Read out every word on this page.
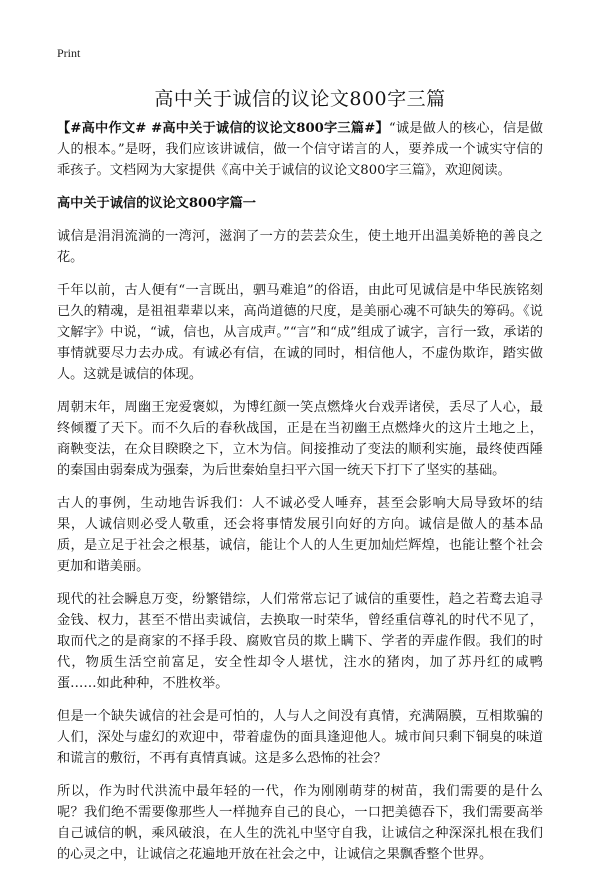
Print
高中关于诚信的议论文800字三篇

【#高中作文# #高中关于诚信的议论文800字三篇#】“诚是做人的核心，信是做人的根本。”是呀，我们应该讲诚信，做一个信守诺言的人，要养成一个诚实守信的乖孩子。文档网为大家提供《高中关于诚信的议论文800字三篇》，欢迎阅读。

高中关于诚信的议论文800字篇一

诚信是涓涓流淌的一湾河，滋润了一方的芸芸众生，使土地开出温美娇艳的善良之花。

千年以前，古人便有“一言既出，驷马难追”的俗语，由此可见诚信是中华民族铭刻已久的精魂，是祖祖辈辈以来，高尚道德的尺度，是美丽心魂不可缺失的筹码。《说文解字》中说，“诚，信也，从言成声。”“言”和“成”组成了诚字，言行一致，承诺的事情就要尽力去办成。有诚必有信，在诚的同时，相信他人，不虚伪欺诈，踏实做人。这就是诚信的体现。

周朝末年，周幽王宠爱褒姒，为博红颜一笑点燃烽火台戏弄诸侯，丢尽了人心，最终倾覆了天下。而不久后的春秋战国，正是在当初幽王点燃烽火的这片土地之上，商鞅变法，在众目睽睽之下，立木为信。间接推动了变法的顺利实施，最终使西陲的秦国由弱秦成为强秦，为后世秦始皇扫平六国一统天下打下了坚实的基础。

古人的事例，生动地告诉我们：人不诚必受人唾弃，甚至会影响大局导致坏的结果，人诚信则必受人敬重，还会将事情发展引向好的方向。诚信是做人的基本品质，是立足于社会之根基，诚信，能让个人的人生更加灿烂辉煌，也能让整个社会更加和谐美丽。

现代的社会瞬息万变，纷繁错综，人们常常忘记了诚信的重要性，趋之若鹜去追寻金钱、权力，甚至不惜出卖诚信，去换取一时荣华，曾经重信尊礼的时代不见了，取而代之的是商家的不择手段、腐败官员的欺上瞒下、学者的弄虚作假。我们的时代，物质生活空前富足，安全性却令人堪忧，注水的猪肉，加了苏丹红的咸鸭蛋……如此种种，不胜枚举。

但是一个缺失诚信的社会是可怕的，人与人之间没有真情，充满隔膜，互相欺骗的人们，深处与虚幻的欢迎中，带着虚伪的面具逢迎他人。城市间只剩下铜臭的味道和谎言的敷衍，不再有真情真诚。这是多么恐怖的社会？

所以，作为时代洪流中最年轻的一代，作为刚刚萌芽的树苗，我们需要的是什么呢？我们绝不需要像那些人一样抛弃自己的良心，一口把美德吞下，我们需要高举自己诚信的帆，乘风破浪，在人生的洗礼中坚守自我，让诚信之种深深扎根在我们的心灵之中，让诚信之花遍地开放在社会之中，让诚信之果飘香整个世界。
